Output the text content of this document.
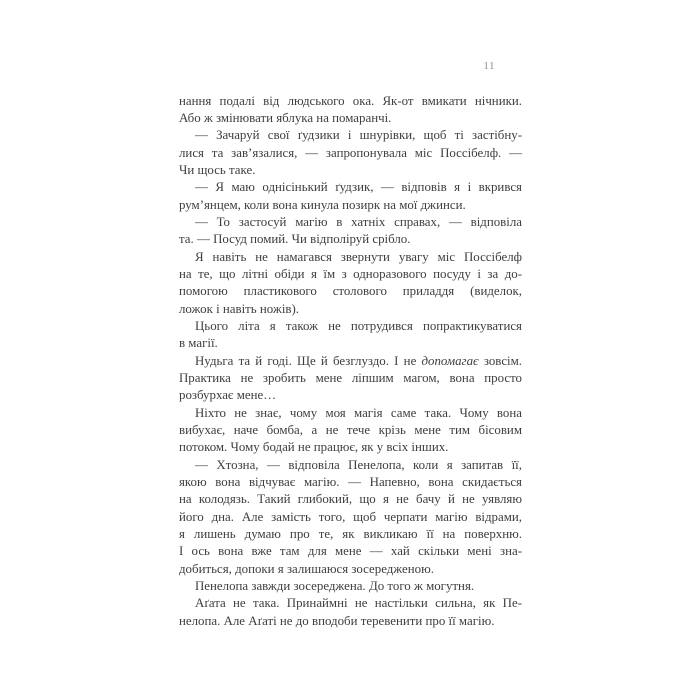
11
нання подалі від людського ока. Як-от вмикати нічники.
Або ж змінювати яблука на помаранчі.
— Зачаруй свої ґудзики і шнурівки, щоб ті застібну-
лися та зав’язалися, — запропонувала міс Поссібелф. —
Чи щось таке.
— Я маю однісінький ґудзик, — відповів я і вкрився
рум’янцем, коли вона кинула позирк на мої джинси.
— То застосуй магію в хатніх справах, — відповіла
та. — Посуд помий. Чи відполіруй срібло.
Я навіть не намагався звернути увагу міс Поссібелф
на те, що літні обіди я їм з одноразового посуду і за до-
помогою пластикового столового приладдя (виделок,
ложок і навіть ножів).
Цього літа я також не потрудився попрактикуватися
в магії.
Нудьга та й годі. Ще й безглуздо. І не допомагає зовсім.
Практика не зробить мене ліпшим магом, вона просто
розбурхає мене…
Ніхто не знає, чому моя магія саме така. Чому вона
вибухає, наче бомба, а не тече крізь мене тим бісовим
потоком. Чому бодай не працює, як у всіх інших.
— Хтозна, — відповіла Пенелопа, коли я запитав її,
якою вона відчуває магію. — Напевно, вона скидається
на колодязь. Такий глибокий, що я не бачу й не уявляю
його дна. Але замість того, щоб черпати магію відрами,
я лишень думаю про те, як викликаю її на поверхню.
І ось вона вже там для мене — хай скільки мені зна-
добиться, допоки я залишаюся зосередженою.
Пенелопа завжди зосереджена. До того ж могутня.
Аґата не така. Принаймні не настільки сильна, як Пе-
нелопа. Але Аґаті не до вподоби теревенити про її магію.
